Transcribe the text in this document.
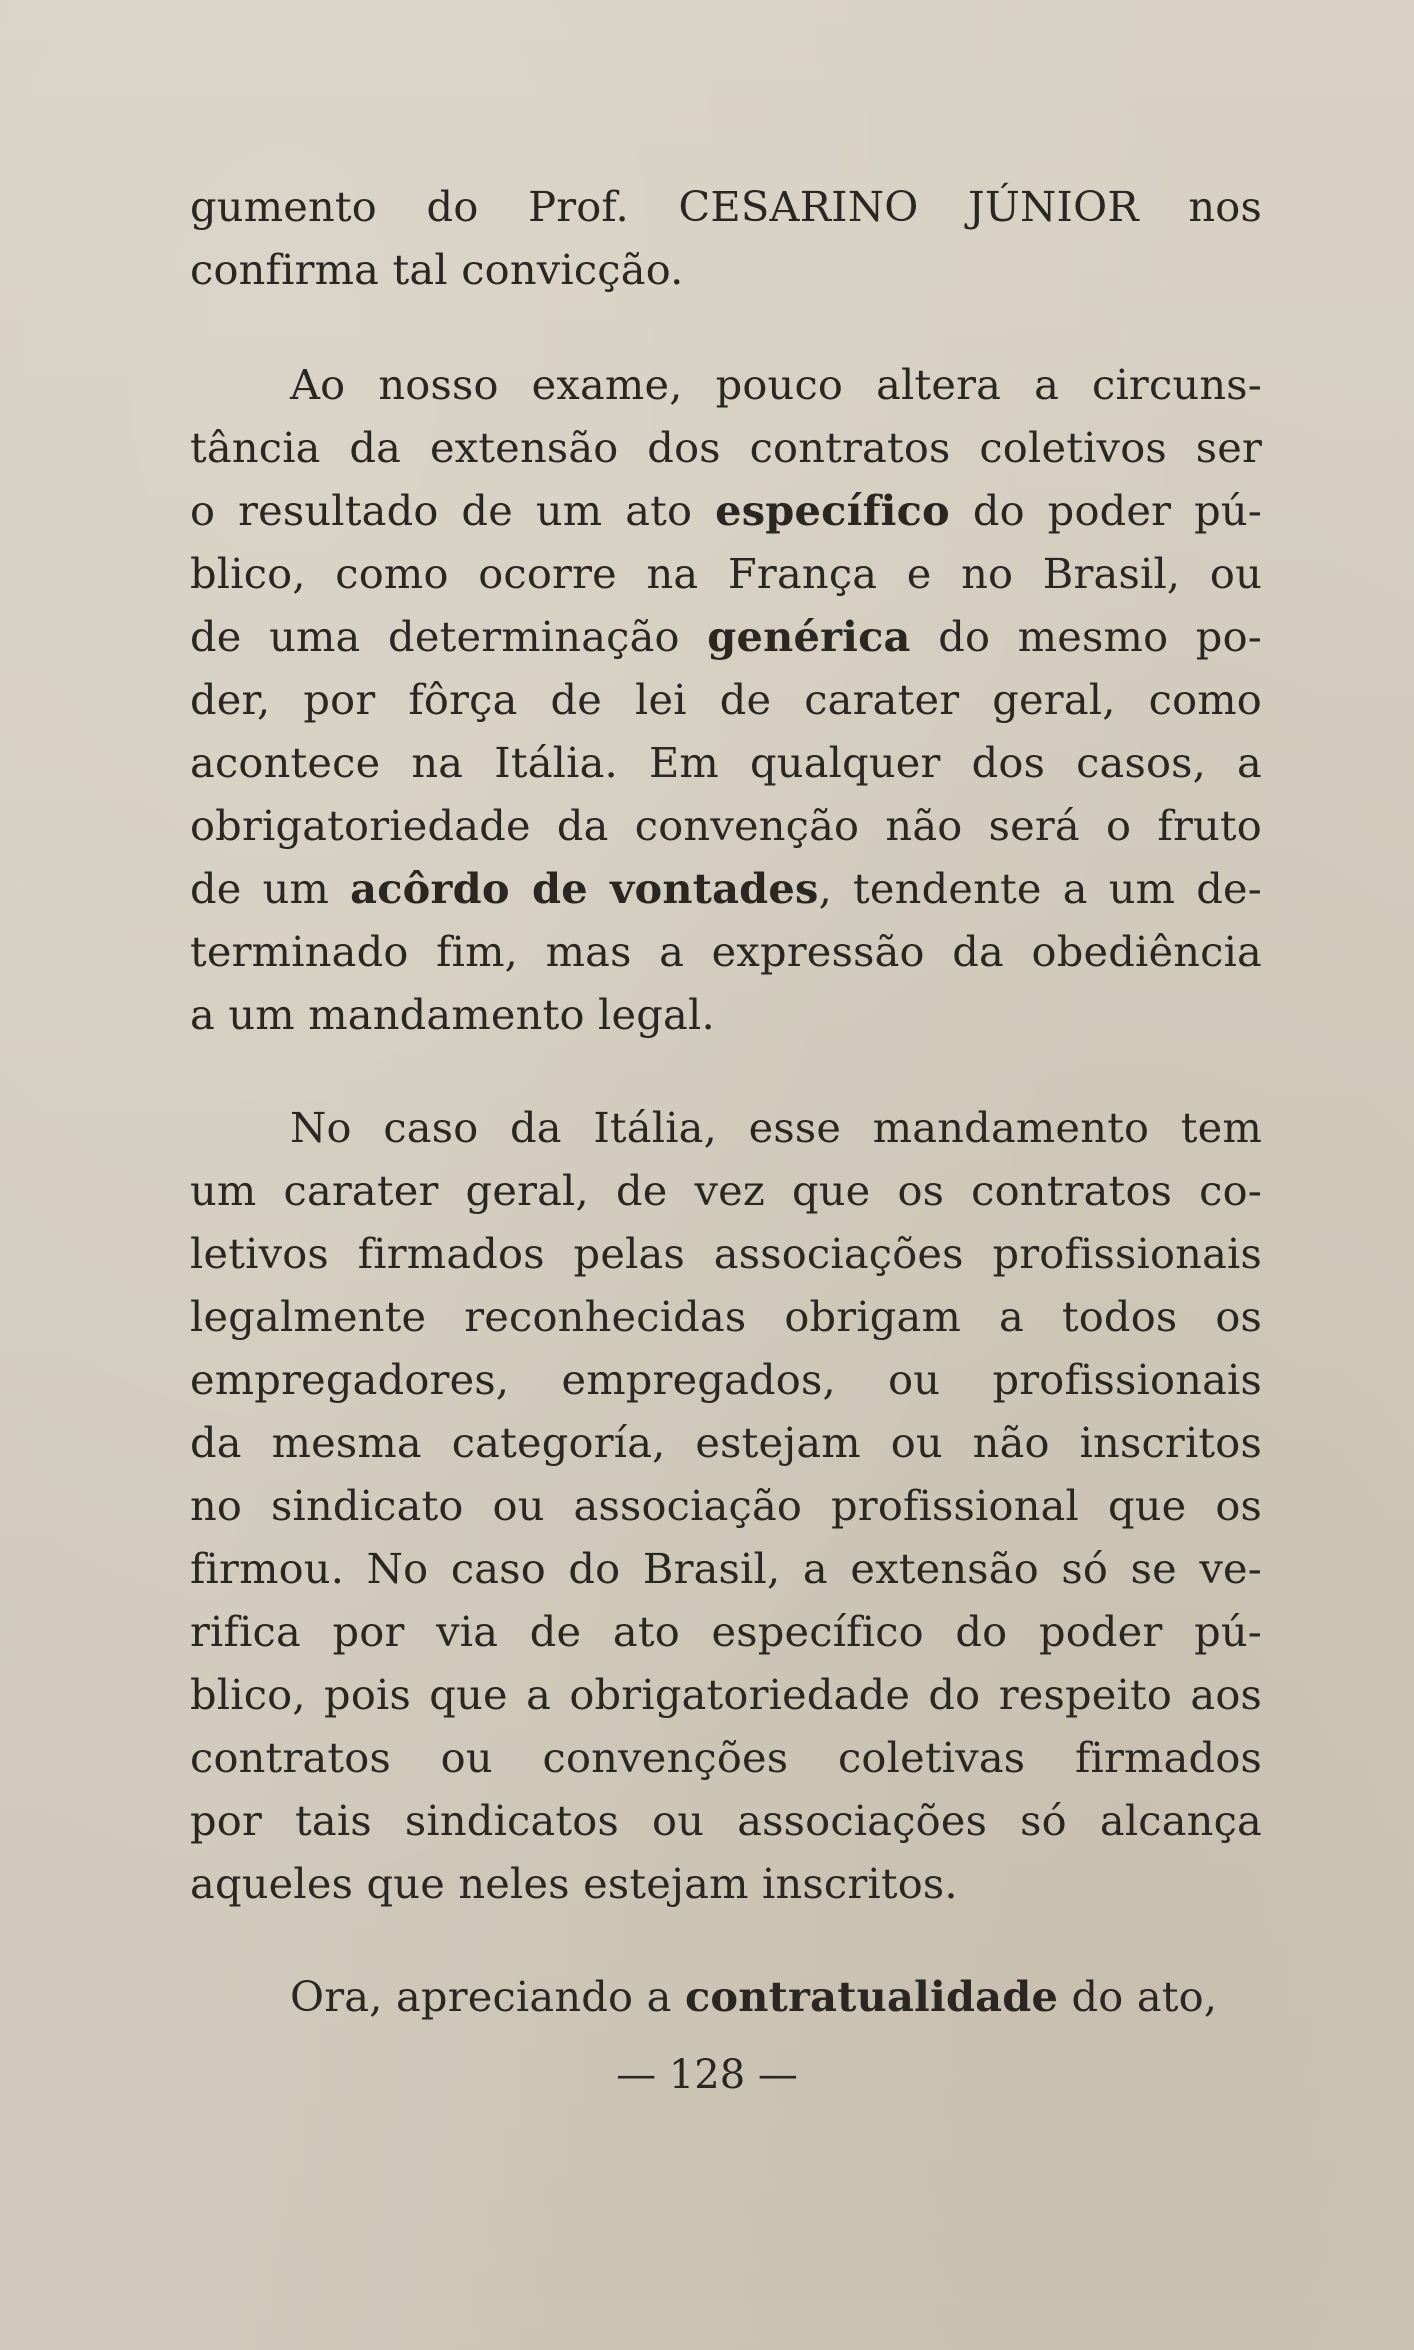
gumento do Prof. CESARINO JÚNIOR nos
confirma tal convicção.
Ao nosso exame, pouco altera a circuns-
tância da extensão dos contratos coletivos ser
o resultado de um ato específico do poder pú-
blico, como ocorre na França e no Brasil, ou
de uma determinação genérica do mesmo po-
der, por fôrça de lei de carater geral, como
acontece na Itália. Em qualquer dos casos, a
obrigatoriedade da convenção não será o fruto
de um acôrdo de vontades, tendente a um de-
terminado fim, mas a expressão da obediência
a um mandamento legal.
No caso da Itália, esse mandamento tem
um carater geral, de vez que os contratos co-
letivos firmados pelas associações profissionais
legalmente reconhecidas obrigam a todos os
empregadores, empregados, ou profissionais
da mesma categoría, estejam ou não inscritos
no sindicato ou associação profissional que os
firmou. No caso do Brasil, a extensão só se ve-
rifica por via de ato específico do poder pú-
blico, pois que a obrigatoriedade do respeito aos
contratos ou convenções coletivas firmados
por tais sindicatos ou associações só alcança
aqueles que neles estejam inscritos.
Ora, apreciando a contratualidade do ato,
— 128 —
